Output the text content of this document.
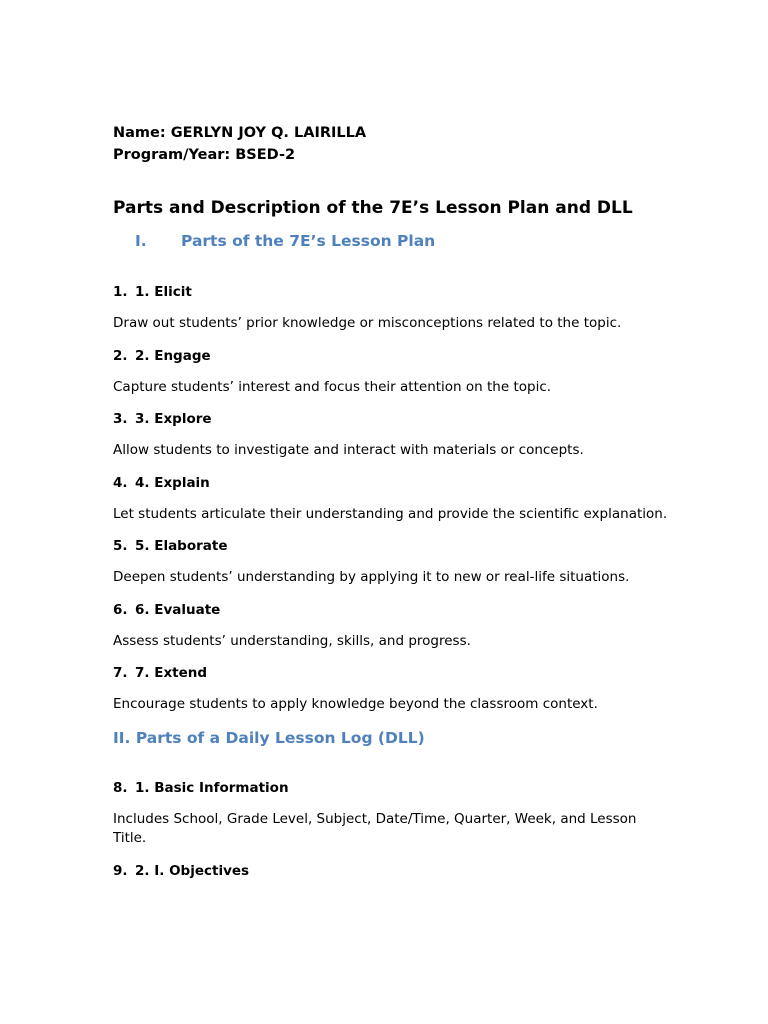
Name: GERLYN JOY Q. LAIRILLA

Program/Year: BSED-2

Parts and Description of the 7E’s Lesson Plan and DLL
I.	Parts of the 7E’s Lesson Plan
1. 1. Elicit

Draw out students’ prior knowledge or misconceptions related to the topic.

2. 2. Engage

Capture students’ interest and focus their attention on the topic.

3. 3. Explore

Allow students to investigate and interact with materials or concepts.

4. 4. Explain

Let students articulate their understanding and provide the scientific explanation.

5. 5. Elaborate

Deepen students’ understanding by applying it to new or real-life situations.

6. 6. Evaluate

Assess students’ understanding, skills, and progress.

7. 7. Extend

Encourage students to apply knowledge beyond the classroom context.

II. Parts of a Daily Lesson Log (DLL)
8. 1. Basic Information

Includes School, Grade Level, Subject, Date/Time, Quarter, Week, and Lesson Title.

9. 2. I. Objectives
